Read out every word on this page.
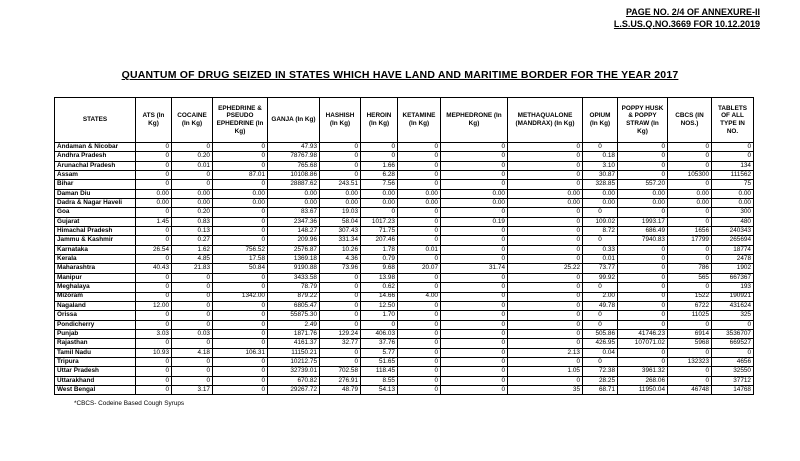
PAGE NO. 2/4 OF ANNEXURE-II
L.S.US.Q.NO.3669 FOR 10.12.2019
QUANTUM OF DRUG SEIZED IN STATES WHICH HAVE LAND AND MARITIME BORDER FOR THE YEAR 2017
STATES	ATS (In Kg)	COCAINE (In Kg)	EPHEDRINE & PSEUDO EPHEDRINE (In Kg)	GANJA (In Kg)	HASHISH (In Kg)	HEROIN (In Kg)	KETAMINE (In Kg)	MEPHEDRONE (In Kg)	METHAQUALONE (MANDRAX) (In Kg)	OPIUM (In Kg)	POPPY HUSK & POPPY STRAW (In Kg)	CBCS (IN NOS.)	TABLETS OF ALL TYPE IN NO.
Andaman & Nicobar	0	0	0	47.93	0	0	0	0	0	0	0	0	0
Andhra Pradesh	0	0.20	0	78767.98	0	0	0	0	0	0.18	0	0	0
Arunachal Pradesh	0	0.01	0	765.68	0	1.66	0	0	0	3.10	0	0	134
Assam	0	0	87.01	10108.86	0	6.28	0	0	0	30.87	0	105300	111562
Bihar	0	0	0	28887.62	243.51	7.56	0	0	0	328.85	557.20	0	75
Daman Diu	0.00	0.00	0.00	0.00	0.00	0.00	0.00	0.00	0.00	0.00	0.00	0.00	0.00
Dadra & Nagar Haveli	0.00	0.00	0.00	0.00	0.00	0.00	0.00	0.00	0.00	0.00	0.00	0.00	0.00
Goa	0	0.20	0	83.67	19.03	0	0	0	0	0	0	0	300
Gujarat	1.45	0.83	0	2347.36	58.04	1017.23	0	0.19	0	109.02	1993.17	0	480
Himachal Pradesh	0	0.13	0	148.27	307.43	71.75	0	0	0	8.72	686.49	1656	240343
Jammu & Kashmir	0	0.27	0	209.96	331.34	207.46	0	0	0	0	7940.83	17799	265694
Karnataka	26.54	1.62	756.52	2576.87	10.26	1.78	0.01	0	0	0.33	0	0	18774
Kerala	0	4.85	17.58	1369.18	4.36	0.79	0	0	0	0.01	0	0	2478
Maharashtra	40.43	21.83	50.84	9190.88	73.96	9.68	20.07	31.74	25.22	73.77	0	786	1902
Manipur	0	0	0	3433.58	0	13.98	0	0	0	99.92	0	565	667367
Meghalaya	0	0	0	78.79	0	0.62	0	0	0	0	0	0	193
Mizoram	0	0	1342.00	879.22	0	14.66	4.00	0	0	2.00	0	1522	190921
Nagaland	12.00	0	0	6805.47	0	12.50	0	0	0	49.78	0	6722	431624
Orissa	0	0	0	55875.30	0	1.70	0	0	0	0	0	11025	325
Pondicherry	0	0	0	2.49	0	0	0	0	0	0	0	0	0
Punjab	3.03	0.03	0	1871.76	129.24	406.03	0	0	0	505.86	41746.23	6914	3536707
Rajasthan	0	0	0	4161.37	32.77	37.76	0	0	0	426.95	107071.02	5968	669527
Tamil Nadu	10.93	4.18	106.31	11150.21	0	5.77	0	0	2.13	0.04	0	0	0
Tripura	0	0	0	10212.75	0	51.65	0	0	0	0	0	132323	4656
Uttar Pradesh	0	0	0	32739.01	702.58	118.45	0	0	1.05	72.38	3961.32	0	32550
Uttarakhand	0	0	0	670.82	276.91	8.55	0	0	0	28.25	268.06	0	37712
West Bengal	0	3.17	0	29267.72	48.79	54.13	0	0	35	68.71	11950.04	46748	14768
*CBCS- Codeine Based Cough Syrups
